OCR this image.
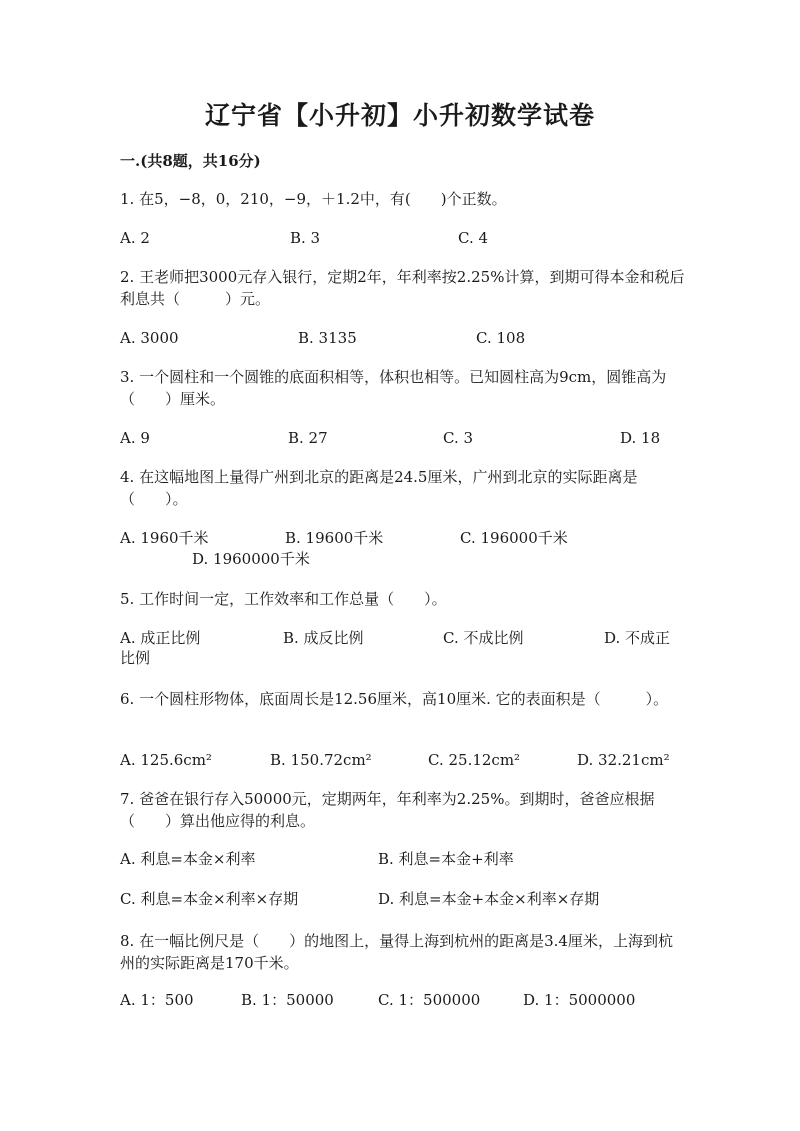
辽宁省【小升初】小升初数学试卷
一.(共8题，共16分)
1. 在5，−8，0，210，−9，＋1.2中，有(　　)个正数。
A. 2	B. 3	C. 4
2. 王老师把3000元存入银行，定期2年，年利率按2.25%计算，到期可得本金和税后利息共（　　　）元。
A. 3000	B. 3135	C. 108
3. 一个圆柱和一个圆锥的底面积相等，体积也相等。已知圆柱高为9cm，圆锥高为（　　）厘米。
A. 9	B. 27	C. 3	D. 18
4. 在这幅地图上量得广州到北京的距离是24.5厘米，广州到北京的实际距离是（　　）。
A. 1960千米	B. 19600千米	C. 196000千米
D. 1960000千米
5. 工作时间一定，工作效率和工作总量（　　）。
A. 成正比例	B. 成反比例	C. 不成比例	D. 不成正比例
6. 一个圆柱形物体，底面周长是12.56厘米，高10厘米. 它的表面积是（　　　）。
A. 125.6cm²	B. 150.72cm²	C. 25.12cm²	D. 32.21cm²
7. 爸爸在银行存入50000元，定期两年，年利率为2.25%。到期时，爸爸应根据（　　）算出他应得的利息。
A. 利息=本金×利率	B. 利息=本金+利率
C. 利息=本金×利率×存期	D. 利息=本金+本金×利率×存期
8. 在一幅比例尺是（　　）的地图上，量得上海到杭州的距离是3.4厘米，上海到杭州的实际距离是170千米。
A. 1：500	B. 1：50000	C. 1：500000	D. 1：5000000
